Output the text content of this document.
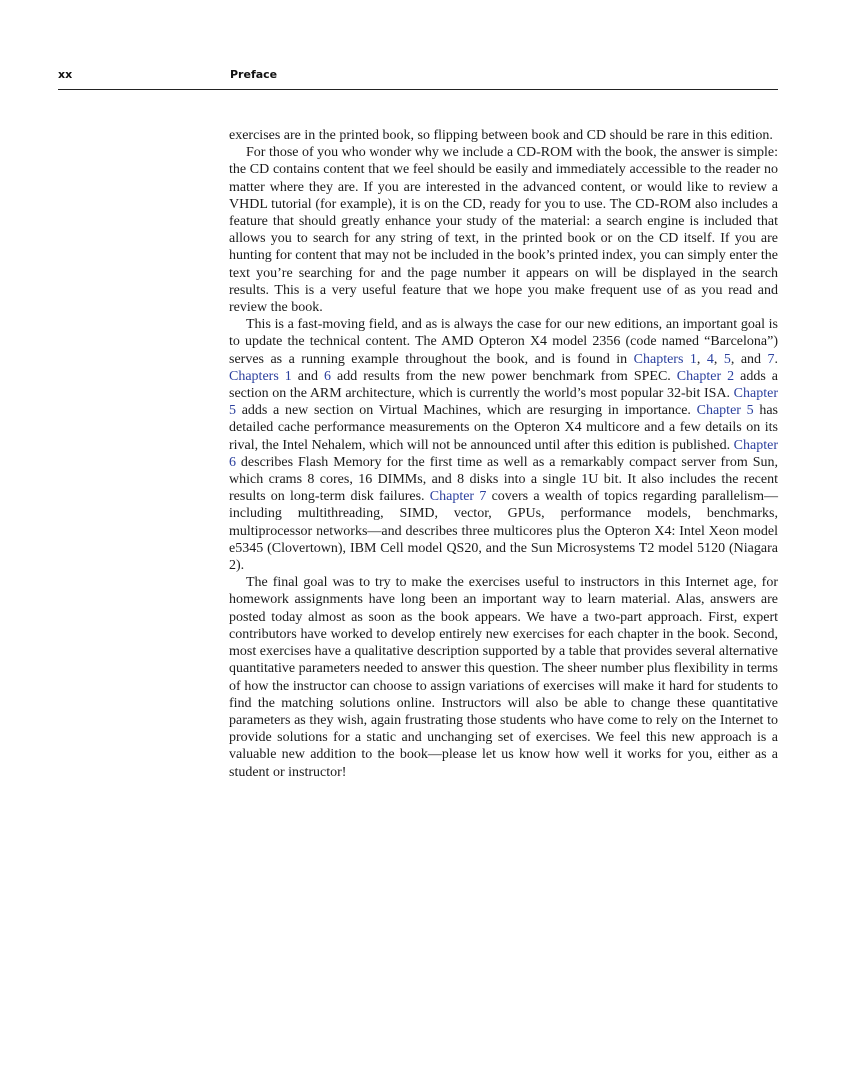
xx	Preface

exercises are in the printed book, so flipping between book and CD should be rare in this edition.

For those of you who wonder why we include a CD-ROM with the book, the answer is simple: the CD contains content that we feel should be easily and immediately accessible to the reader no matter where they are. If you are interested in the advanced content, or would like to review a VHDL tutorial (for example), it is on the CD, ready for you to use. The CD-ROM also includes a feature that should greatly enhance your study of the material: a search engine is included that allows you to search for any string of text, in the printed book or on the CD itself. If you are hunting for content that may not be included in the book’s printed index, you can simply enter the text you’re searching for and the page number it appears on will be displayed in the search results. This is a very useful feature that we hope you make frequent use of as you read and review the book.

This is a fast-moving field, and as is always the case for our new editions, an important goal is to update the technical content. The AMD Opteron X4 model 2356 (code named “Barcelona”) serves as a running example throughout the book, and is found in Chapters 1, 4, 5, and 7. Chapters 1 and 6 add results from the new power benchmark from SPEC. Chapter 2 adds a section on the ARM architecture, which is currently the world’s most popular 32-bit ISA. Chapter 5 adds a new section on Virtual Machines, which are resurging in importance. Chapter 5 has detailed cache performance measurements on the Opteron X4 multicore and a few details on its rival, the Intel Nehalem, which will not be announced until after this edition is published. Chapter 6 describes Flash Memory for the first time as well as a remarkably compact server from Sun, which crams 8 cores, 16 DIMMs, and 8 disks into a single 1U bit. It also includes the recent results on long-term disk failures. Chapter 7 covers a wealth of topics regarding parallelism—including multithreading, SIMD, vector, GPUs, performance models, benchmarks, multiprocessor networks—and describes three multicores plus the Opteron X4: Intel Xeon model e5345 (Clovertown), IBM Cell model QS20, and the Sun Microsystems T2 model 5120 (Niagara 2).

The final goal was to try to make the exercises useful to instructors in this Internet age, for homework assignments have long been an important way to learn material. Alas, answers are posted today almost as soon as the book appears. We have a two-part approach. First, expert contributors have worked to develop entirely new exercises for each chapter in the book. Second, most exercises have a qualitative description supported by a table that provides several alternative quantitative parameters needed to answer this question. The sheer number plus flexibility in terms of how the instructor can choose to assign variations of exercises will make it hard for students to find the matching solutions online. Instructors will also be able to change these quantitative parameters as they wish, again frustrating those students who have come to rely on the Internet to provide solutions for a static and unchanging set of exercises. We feel this new approach is a valuable new addition to the book—please let us know how well it works for you, either as a student or instructor!
